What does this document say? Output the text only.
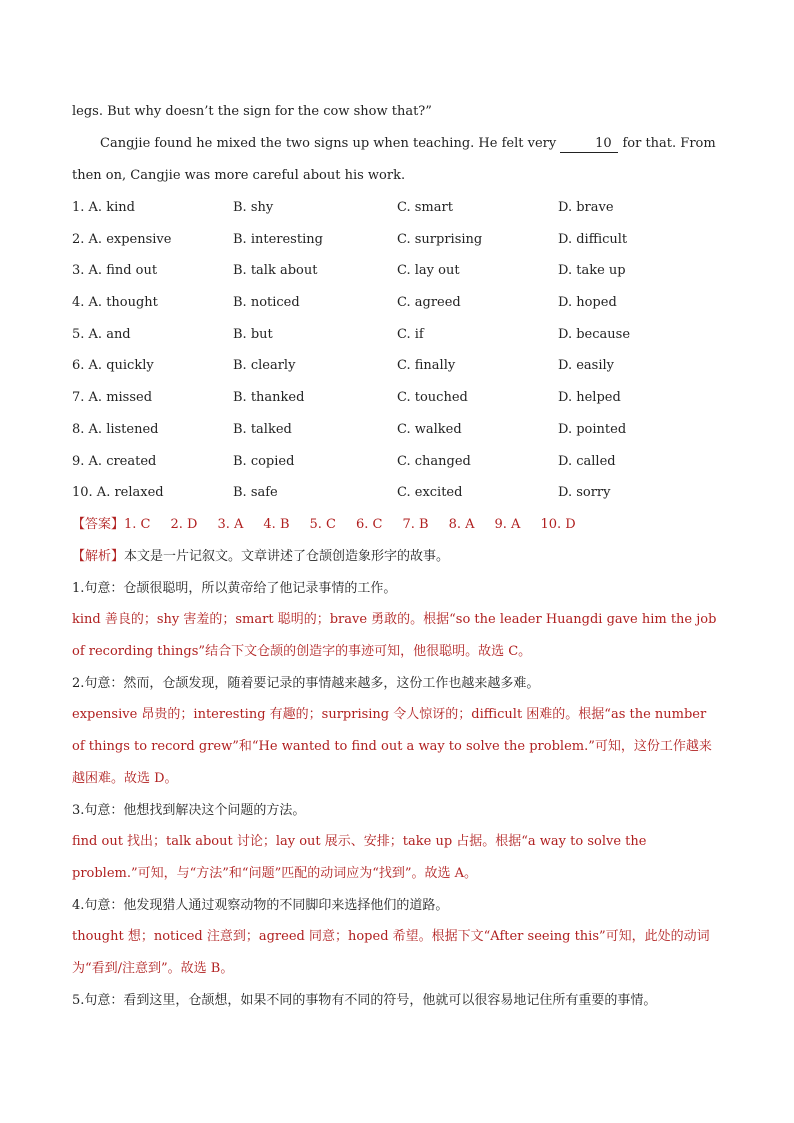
legs. But why doesn’t the sign for the cow show that?”
Cangjie found he mixed the two signs up when teaching. He felt very	10 for that. From then on, Cangjie was more careful about his work.
1. A. kind	B. shy	C. smart	D. brave
2. A. expensive	B. interesting	C. surprising	D. difficult
3. A. find out	B. talk about	C. lay out	D. take up
4. A. thought	B. noticed	C. agreed	D. hoped
5. A. and	B. but	C. if	D. because
6. A. quickly	B. clearly	C. finally	D. easily
7. A. missed	B. thanked	C. touched	D. helped
8. A. listened	B. talked	C. walked	D. pointed
9. A. created	B. copied	C. changed	D. called
10. A. relaxed	B. safe	C. excited	D. sorry
【答案】1. C 2. D 3. A 4. B 5. C 6. C 7. B 8. A 9. A 10. D
【解析】本文是一片记叙文。文章讲述了仓颉创造象形字的故事。
1.句意：仓颉很聪明，所以黄帝给了他记录事情的工作。
kind 善良的；shy 害羞的；smart 聪明的；brave 勇敢的。根据“so the leader Huangdi gave him the job of recording things”结合下文仓颉的创造字的事迹可知，他很聪明。故选 C。
2.句意：然而，仓颉发现，随着要记录的事情越来越多，这份工作也越来越多难。
expensive 昂贵的；interesting 有趣的；surprising 令人惊讶的；difficult 困难的。根据“as the number of things to record grew”和“He wanted to find out a way to solve the problem.”可知，这份工作越来越困难。故选 D。
3.句意：他想找到解决这个问题的方法。
find out 找出；talk about 讨论；lay out 展示、安排；take up 占据。根据“a way to solve the problem.”可知，与“方法”和“问题”匹配的动词应为“找到”。故选 A。
4.句意：他发现猎人通过观察动物的不同脚印来选择他们的道路。
thought 想；noticed 注意到；agreed 同意；hoped 希望。根据下文“After seeing this”可知，此处的动词为“看到/注意到”。故选 B。
5.句意：看到这里，仓颉想，如果不同的事物有不同的符号，他就可以很容易地记住所有重要的事情。
